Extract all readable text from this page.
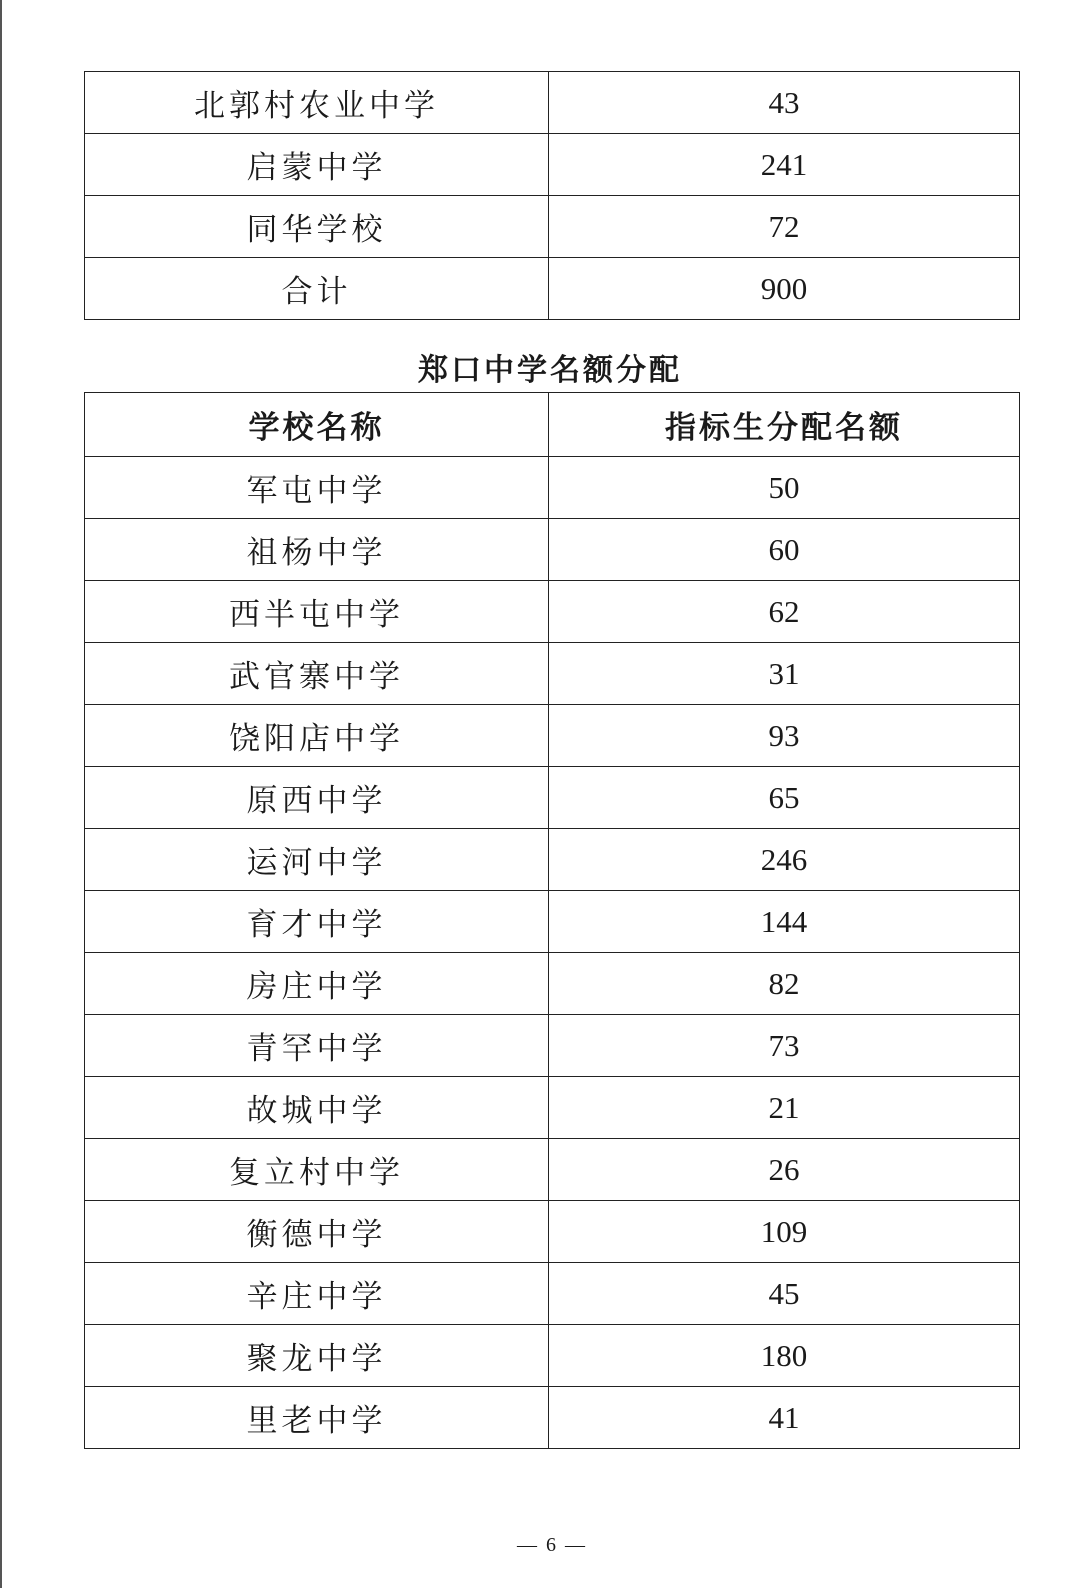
北郭村农业中学	43
启蒙中学	241
同华学校	72
合计	900
郑口中学名额分配
学校名称	指标生分配名额
军屯中学	50
祖杨中学	60
西半屯中学	62
武官寨中学	31
饶阳店中学	93
原西中学	65
运河中学	246
育才中学	144
房庄中学	82
青罕中学	73
故城中学	21
复立村中学	26
衡德中学	109
辛庄中学	45
聚龙中学	180
里老中学	41
— 6 —
